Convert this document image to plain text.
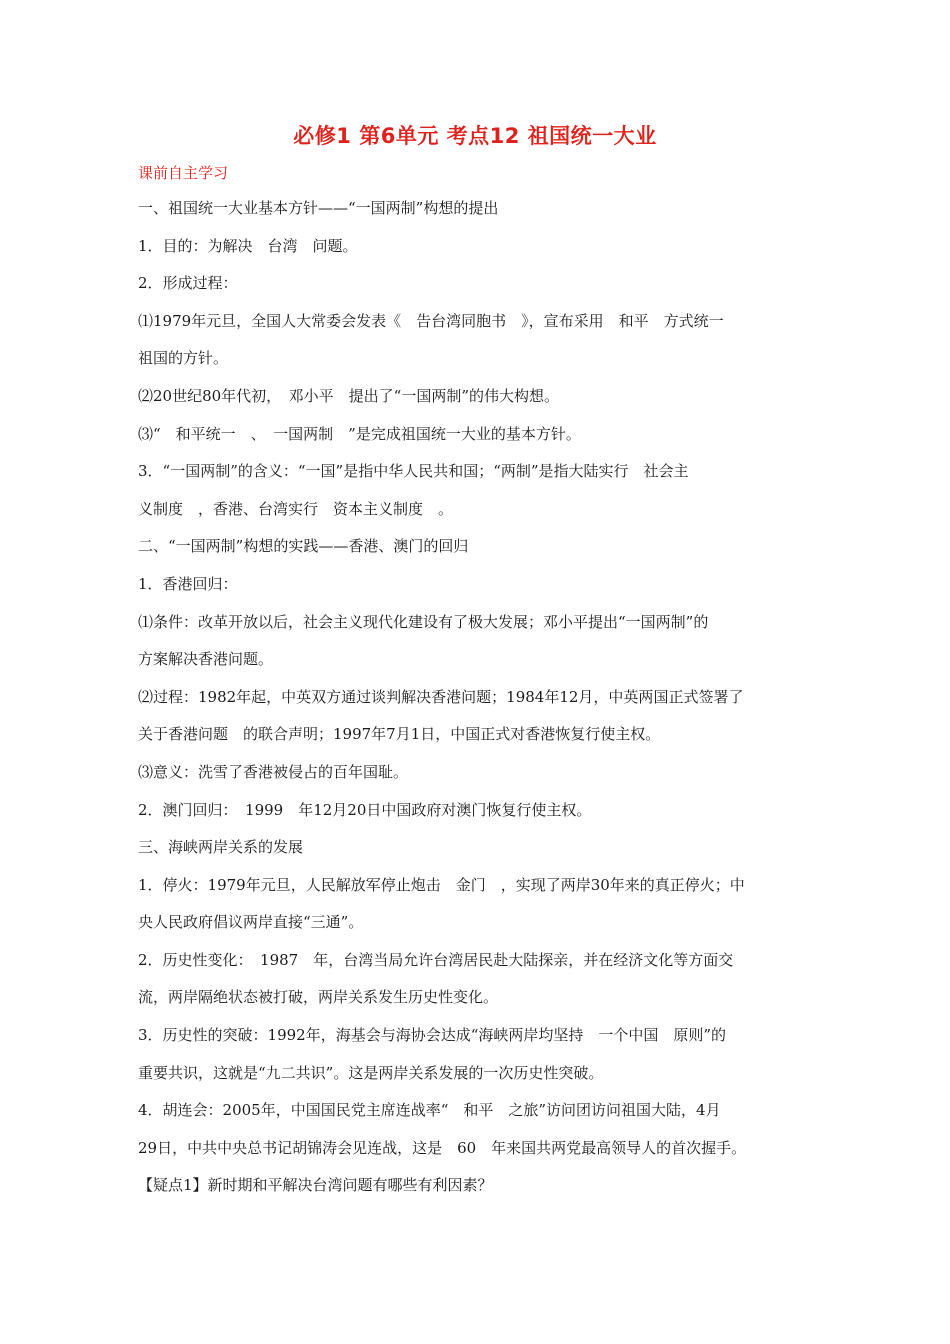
必修1 第6单元 考点12 祖国统一大业
课前自主学习
一、祖国统一大业基本方针——“一国两制”构想的提出
1．目的：为解决　台湾　问题。
2．形成过程：
⑴1979年元旦，全国人大常委会发表《　告台湾同胞书　》，宣布采用　和平　方式统一
祖国的方针。
⑵20世纪80年代初，　邓小平　提出了“一国两制”的伟大构想。
⑶“　和平统一　、　一国两制　”是完成祖国统一大业的基本方针。
3．“一国两制”的含义：“一国”是指中华人民共和国；“两制”是指大陆实行　社会主
义制度　，香港、台湾实行　资本主义制度　。
二、“一国两制”构想的实践——香港、澳门的回归
1．香港回归：
⑴条件：改革开放以后，社会主义现代化建设有了极大发展；邓小平提出“一国两制”的
方案解决香港问题。
⑵过程：1982年起，中英双方通过谈判解决香港问题；1984年12月，中英两国正式签署了
关于香港问题　的联合声明；1997年7月1日，中国正式对香港恢复行使主权。
⑶意义：洗雪了香港被侵占的百年国耻。
2．澳门回归：　1999　年12月20日中国政府对澳门恢复行使主权。
三、海峡两岸关系的发展
1．停火：1979年元旦，人民解放军停止炮击　金门　，实现了两岸30年来的真正停火；中
央人民政府倡议两岸直接“三通”。
2．历史性变化：　1987　年，台湾当局允许台湾居民赴大陆探亲，并在经济文化等方面交
流，两岸隔绝状态被打破，两岸关系发生历史性变化。
3．历史性的突破：1992年，海基会与海协会达成“海峡两岸均坚持　一个中国　原则”的
重要共识，这就是“九二共识”。这是两岸关系发展的一次历史性突破。
4．胡连会：2005年，中国国民党主席连战率“　和平　之旅”访问团访问祖国大陆，4月
29日，中共中央总书记胡锦涛会见连战，这是　60　年来国共两党最高领导人的首次握手。
【疑点1】新时期和平解决台湾问题有哪些有利因素？
